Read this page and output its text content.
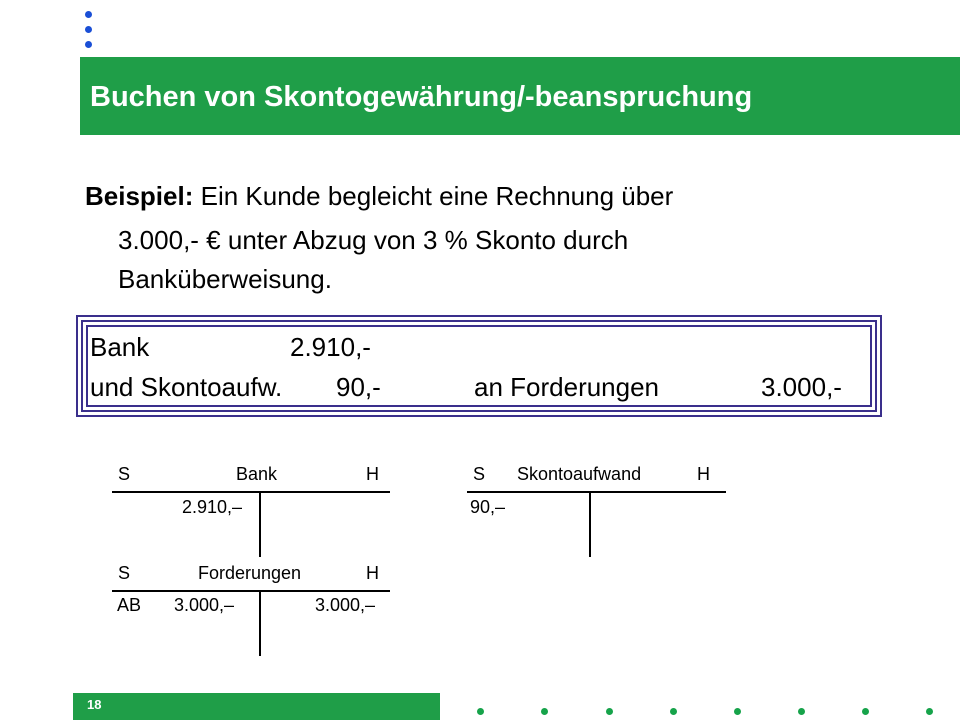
Buchen von Skontogewährung/-beanspruchung
Beispiel: Ein Kunde begleicht eine Rechnung über
3.000,- € unter Abzug von 3 % Skonto durch
Banküberweisung.
Bank	2.910,-
und Skontoaufw. 90,-	an Forderungen	3.000,-
S	Bank	H
2.910,–
S Skontoaufwand	H
90,–
S	Forderungen	H
AB 3.000,–	3.000,–
18
